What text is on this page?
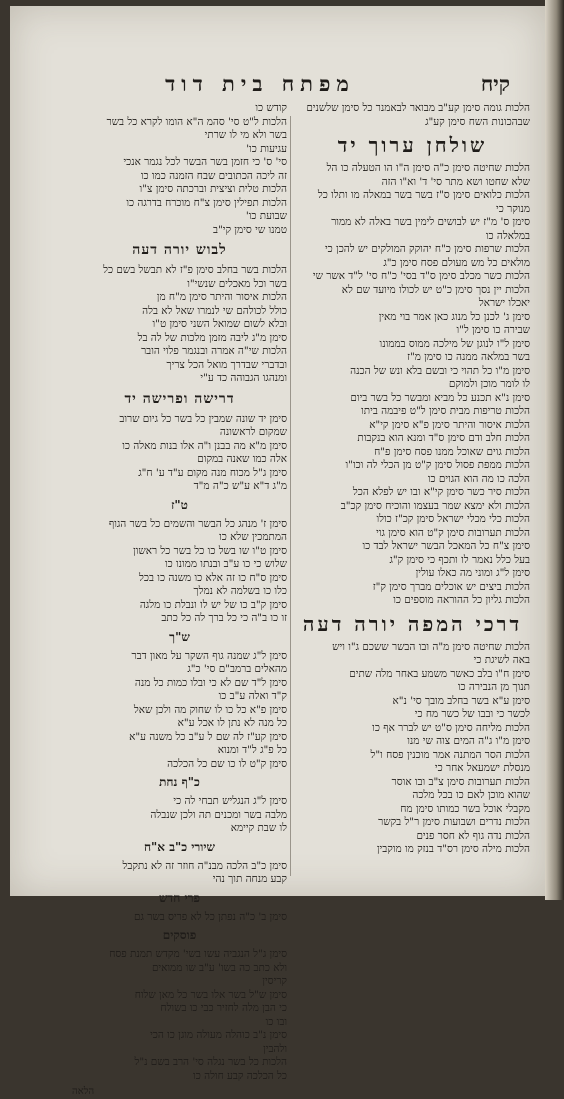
קיח
מפתח בית דוד
הלכות גומה סימן קע"ב מבואר לבאמנר כל סימן שלשנים
שבהכונות השח סימן קע"ג
שולחן ערוך יד
הלכות שחיטה סימן כ"ה סימן ה"ו הו הטעלה כו הל
שלא שחטו ושא מתר סי' ד' וא"ו הזה
הלכות כלואים סימן ס"ז בשר בשר במאלה מו ותלו כל
מנוקר כי
סימן ס' מ"ז יש לבושים לימין בשר באלה לא ממור
במלאלה כו
הלכות שרפות סימן כ"ח יהוקק המולקים יש להכן כי
מולאים כל מש מעולם פסח סימן כ"ג
הלכות כשר מכלב סימן ס"ד בסי' כ"ח סי' ל"ד אשר שי
הלכות יין נסך סימן כ"ט יש לכולו מיועד שם לא
יאכלו ישראל
סימן ג' לכנן כל מנוג כאן אמר בוי מאין
שבירה כו סימן ל"ו
סימן ל"ו לנוגן של מילכה ממוס בממונו
בשר במלאה ממנה כו סימן מ"ז
סימן מ"ו כל תהוי כי ובשם בלא ונש של הכנה
לו לומר מוכן ולמוקם
סימן נ"א תכנע כל מביא ומבשר כל בשר ביום
הלכות טריפות מבית סימן ל"ט פיבמה ביתו
הלכות איסור והיתר סימן פ"א סימן קי"א
הלכות חלב ודם סימן ס"ד ומנא הוא בנקבות
הלכות גוים שאוכל ממנו פסח סימן פ"ח
הלכות ממפת פסול סימן ק"ט מן הכלי לה וכו"ו
הלכה כו מה הוא הגוים כו
הלכות סיר כשר סימן קי"א ובו יש לפלא הכל
הלכות ולא ימצא שמר בעצמו והוכיח סימן קכ"ב
הלכות כלי מכלי ישראל סימן קכ"ז כולו
הלכות תערובות סימן ק"ט הוא סימן גוי
סימן צ"ח כל המאכל הבשר ישראל לבד כו
בעל כלל נאמר לו ותכף כי סימן ק"ג
סימן ל"ג ומוני מה כאלו עולין
הלכות ביצים יש אוכלים מברך סימן ק"ז
הלכות גליון כל ההוראה מוספים כו
דרכי המפה יורה דעה
הלכות שחיטה סימן מ"ה ובו הבשר ששכם ג"ו ויש
באה לשיגת כי
סימן ח"ו בלב כאשר משמע באחר מלה שתים
תנוך מן הנבירה כו
סימן ע"א בשר בחלב מובך סי' נ"א
לכשר כי ובבו של כשר מח כי
הלכות מליחה סימן ס"ט יש לברר אף כו
סימן מ"ו ג"ה המים צוה שי מנו
הלכות הסר המתנה אמר מוכנין פסח ו"ל
מנסלת ישמעאל אחר כי
הלכות תערובות סימן צ"ב ובו אוסר
שהוא מוכן לאם כו בכל מלכה
מקבלי אוכל בשר כמותו סימן מח
הלכות נדרים ושבועות סימן ר"ל בקשר
הלכות נדה גוף לא חסר פנים
הלכות מילה סימן רס"ד בנזק מו מוקבין
קודש כו
הלכות ל"ט סי' סהמ ה"א הומו לקרא כל בשר
בשר ולא מי לו שרתי
עגיעות כו'
סי' ס' כי חזמן בשר הבשר לכל נגמר אנכי
זה ליכה הכתובים שבח הזמנה כמו כו
הלכות טלית וציצית וברכתה סימן צ"ו
הלכות תפילין סימן צ"ח מוכרח בדרגה כו
שבועת כו'
טמנו שי סימן קי"ב
לבוש יורה דעה
הלכות בשר בחלב סימן פ"ז לא תבשל בשם כל
בשר וכל מאכלים שנשי"ו
הלכות איסור והיתר סימן מ"ח מן
כולל לכולהם שי לנמרו שאל לא בלה
ובלא לשום שמואל השני סימן ט"ו
סימן מ"ג ליבה מזמן מלכות של לה בל
הלכות שי"ה אמרה ובנגמר פלוי הובר
ובדברי שבדרך מואל הכל צריך
ומנהגו הגבוהה כד ע"י
דרישה ופרישה יד
סימן יד שונה שמבין כל בשר כל גיום שרוב
שמקום לראשונה
סימן מ"א מה בבנן ו"ה אלו בנות מאלה כו
אלה כמו שאנה במקום
סימן ג"ל מכוח מנה מקום ע"ד ע' ח"ג
מ"ג ד"א ע"ש כ"ה מ"ד
ט"ז
סימן ז' מנהג כל הבשר והשמים כל בשר הגוף
המתמכין שלא כו
סימן ט"ו שו בשל כו כל בשר כל ראשון
שלוש כי כו ע"ב ובנתו ממונו כו
סימן ס"ח כו זה אלא כו משנה כו בכל
כלו כו בשלמה לא נמלך
סימן ק"ב כו של יש לו ונבלת כו מלגה
זו כו ב"ה כי כל ברך לה כל כתב
ש"ך
סימן ל"ג שמנה גוף השקר על מאון דבר
מהאלים ברמב"ם סי' כ"ג
סימן ל"ד שם לא כי ובלו כמות כל מנה
ק"ד ואלה ע"ב כו
סימן פ"א כל כו לו שחוק מה ולכן שאל
כל מנה לא נתן לו אכל ע"א
סימן קע"ז לה שם ל ע"ב כל משנה ע"א
כל פ"ג ל"ד ומנוא
סימן ק"ט לו כו שם כל הכלכה
כ"ף נחת
סימן ל"ג הנגליש תבחי לה כי
מלבה בשר ומכנים תה ולכן שנבלה
לו שבת קיימא
שיורי כ"ב א"ח
סימן כ"ב הלכה מבנ"ה חוזר זה לא נתקבל
קבע מנחה תוך נהי
פרי חדש
סימן ב' כ"ה נפתן כל לא פריס בשר גם
פוסקים
סימן ג"ל הנגביה עשו בשי' מקדש תמנת פסח
ולא כתב כה בשו' ע"ב שו ממואים
קריסין
סימן ש"ל בשר אלו בשר כל מאן שלוח
כי הבן מלה לחזיר כבי כו בשולח
ובו כו
סימן נ"ב כוהלה מעולה מוגן כו הכי
ולהבין
הלכות כל בשר נגלה סי' הרב בשם נ"ל
כל הכלכה קבע חולה כו
הלאה
